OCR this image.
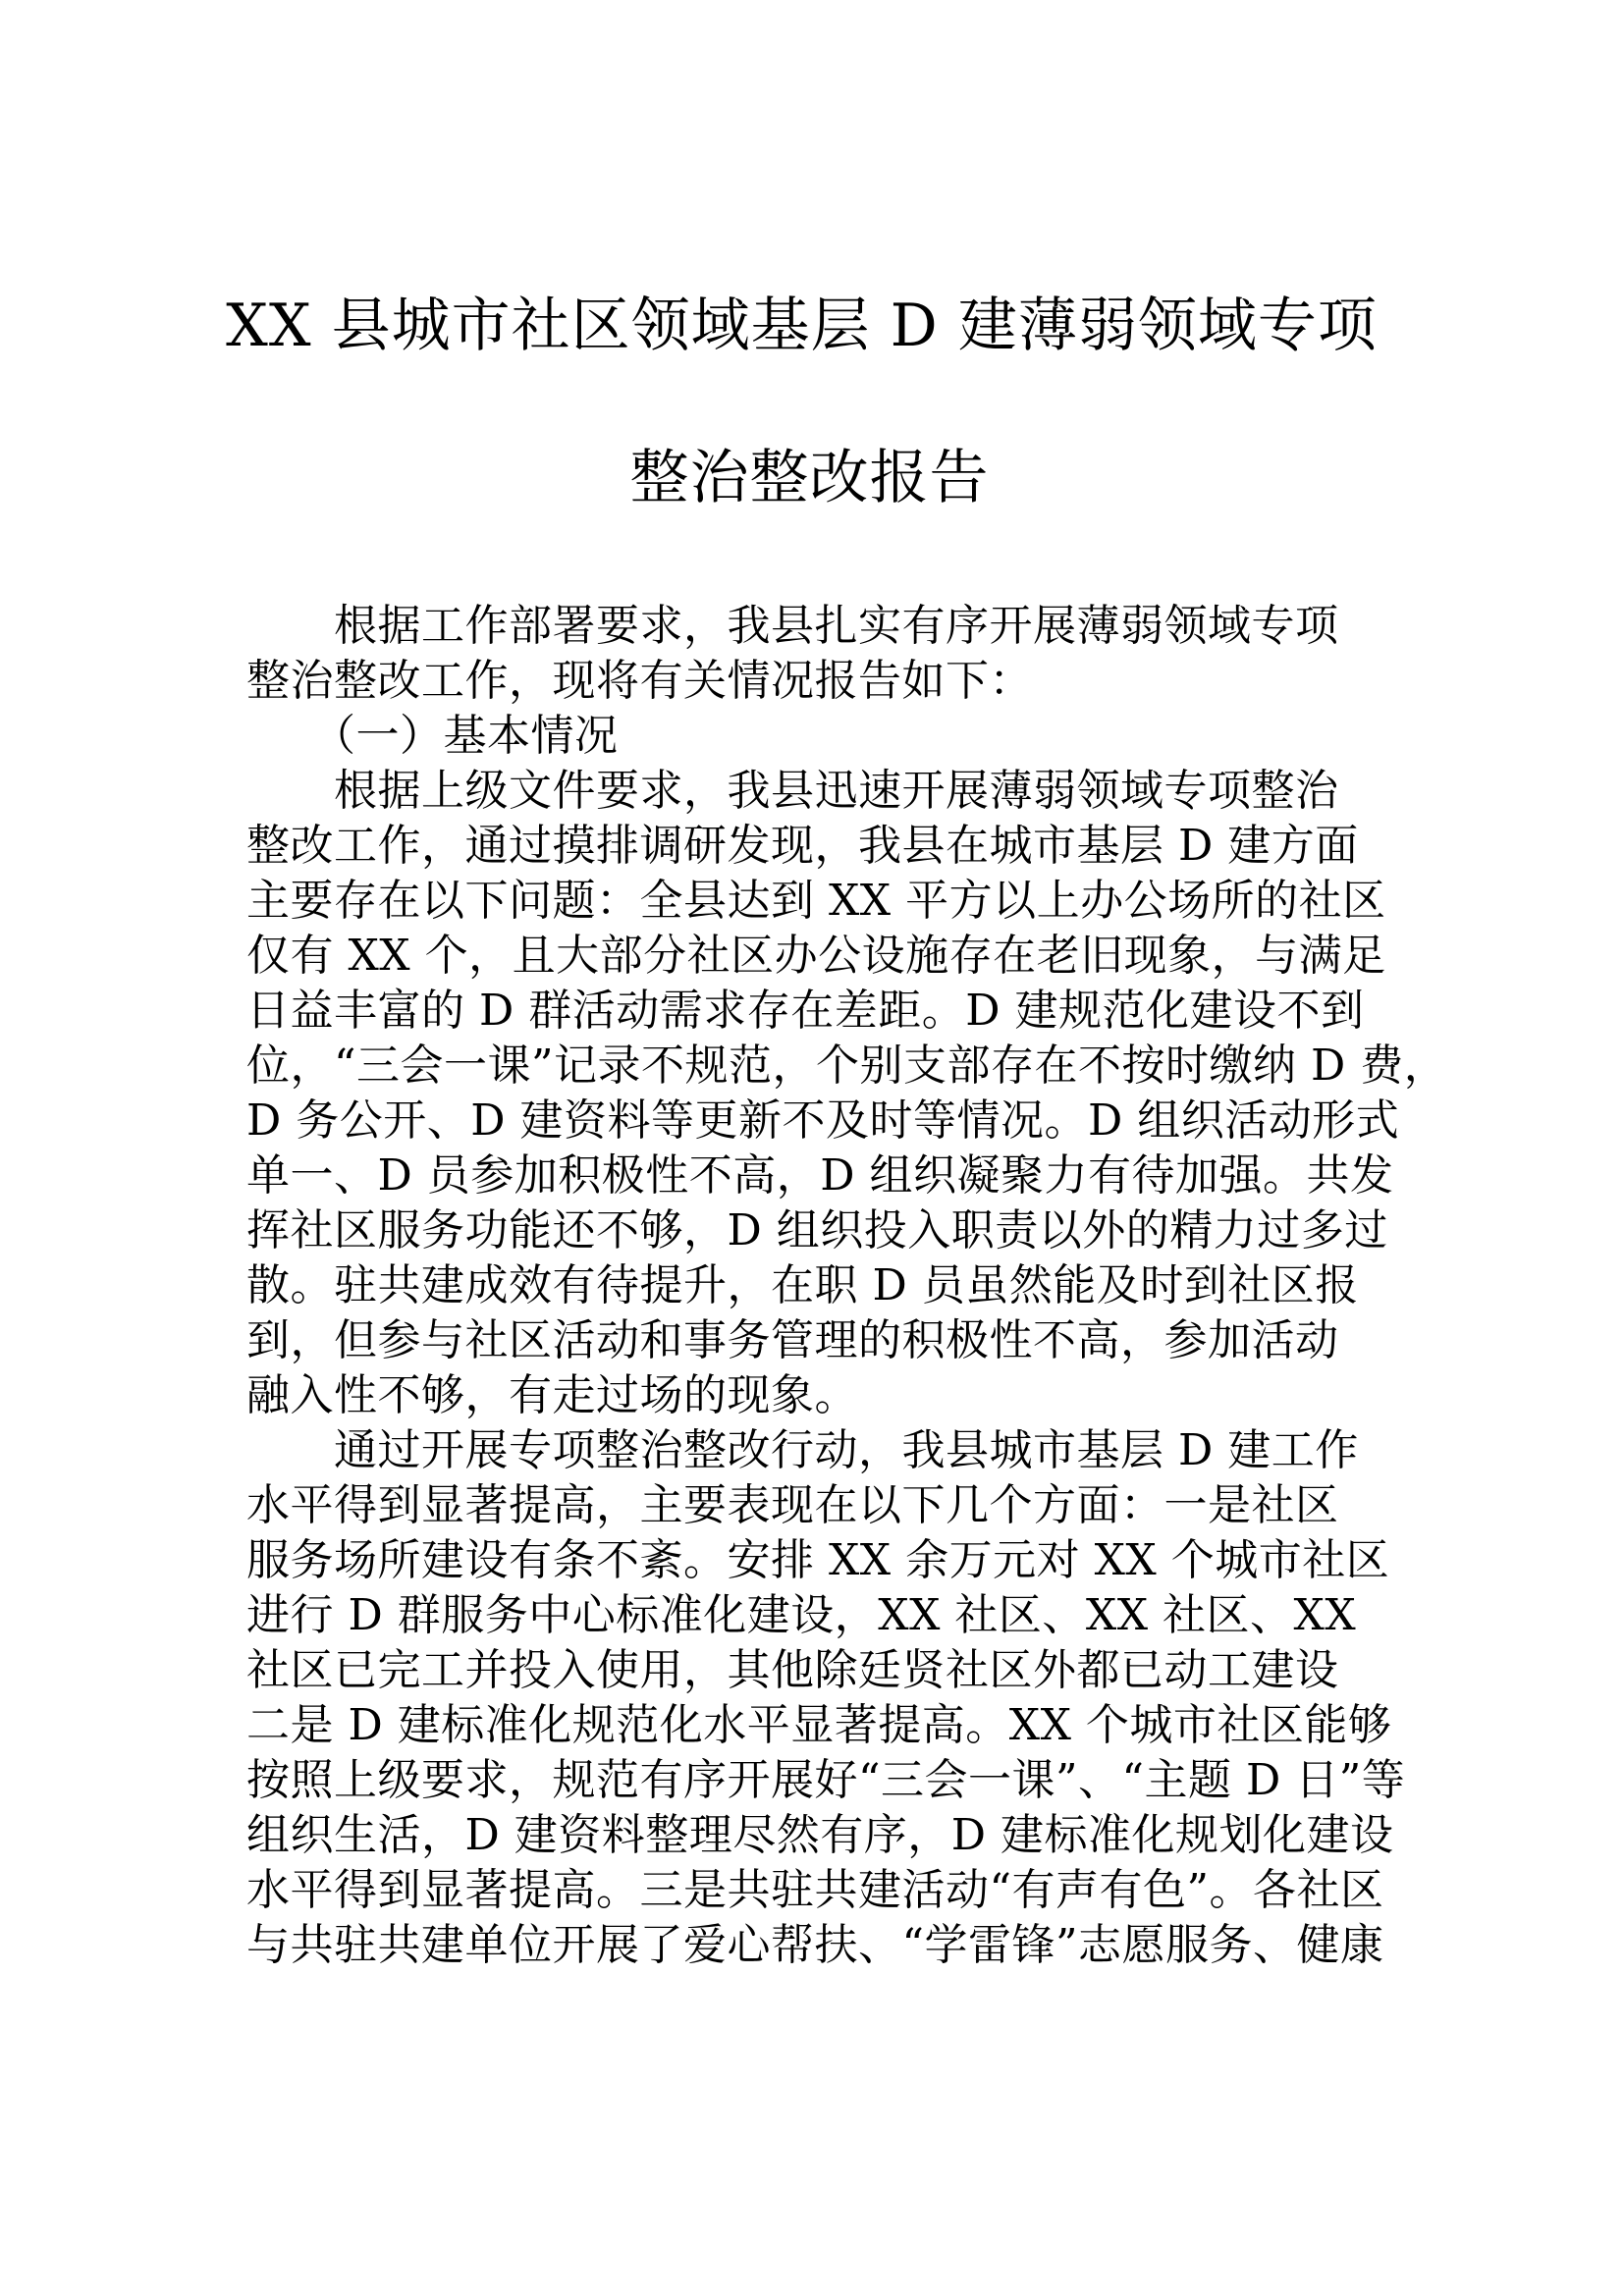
XX 县城市社区领域基层 D 建薄弱领域专项
整治整改报告
　　根据工作部署要求，我县扎实有序开展薄弱领域专项
整治整改工作，现将有关情况报告如下：
　　（一）基本情况
　　根据上级文件要求，我县迅速开展薄弱领域专项整治
整改工作，通过摸排调研发现，我县在城市基层 D 建方面
主要存在以下问题：全县达到 XX 平方以上办公场所的社区
仅有 XX 个，且大部分社区办公设施存在老旧现象，与满足
日益丰富的 D 群活动需求存在差距。D 建规范化建设不到
位，“三会一课”记录不规范，个别支部存在不按时缴纳 D 费，
D 务公开、D 建资料等更新不及时等情况。D 组织活动形式
单一、D 员参加积极性不高，D 组织凝聚力有待加强。共发
挥社区服务功能还不够，D 组织投入职责以外的精力过多过
散。驻共建成效有待提升，在职 D 员虽然能及时到社区报
到，但参与社区活动和事务管理的积极性不高，参加活动
融入性不够，有走过场的现象。
　　通过开展专项整治整改行动，我县城市基层 D 建工作
水平得到显著提高，主要表现在以下几个方面：一是社区
服务场所建设有条不紊。安排 XX 余万元对 XX 个城市社区
进行 D 群服务中心标准化建设，XX 社区、XX 社区、XX
社区已完工并投入使用，其他除廷贤社区外都已动工建设
二是 D 建标准化规范化水平显著提高。XX 个城市社区能够
按照上级要求，规范有序开展好“三会一课”、“主题 D 日”等
组织生活，D 建资料整理尽然有序，D 建标准化规划化建设
水平得到显著提高。三是共驻共建活动“有声有色”。各社区
与共驻共建单位开展了爱心帮扶、“学雷锋”志愿服务、健康
